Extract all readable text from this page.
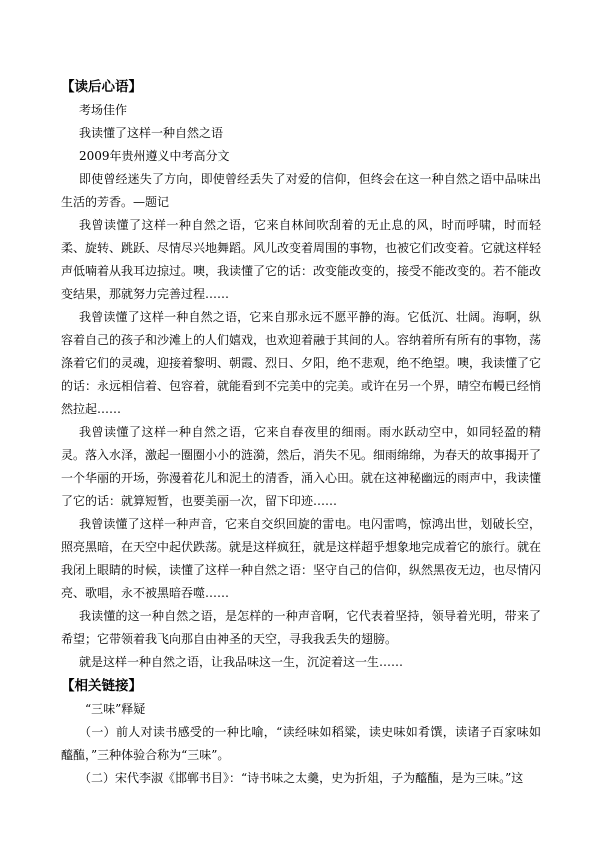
【读后心语】
考场佳作
我读懂了这样一种自然之语
2009年贵州遵义中考高分文

即使曾经迷失了方向，即使曾经丢失了对爱的信仰，但终会在这一种自然之语中品味出生活的芳香。—题记

我曾读懂了这样一种自然之语，它来自林间吹刮着的无止息的风，时而呼啸，时而轻柔、旋转、跳跃、尽情尽兴地舞蹈。风儿改变着周围的事物，也被它们改变着。它就这样轻声低喃着从我耳边掠过。噢，我读懂了它的话：改变能改变的，接受不能改变的。若不能改变结果，那就努力完善过程……

我曾读懂了这样一种自然之语，它来自那永远不愿平静的海。它低沉、壮阔。海啊，纵容着自己的孩子和沙滩上的人们嬉戏，也欢迎着融于其间的人。容纳着所有所有的事物，荡涤着它们的灵魂，迎接着黎明、朝霞、烈日、夕阳，绝不悲观，绝不绝望。噢，我读懂了它的话：永远相信着、包容着，就能看到不完美中的完美。或许在另一个界，晴空布幔已经悄然拉起……

我曾读懂了这样一种自然之语，它来自春夜里的细雨。雨水跃动空中，如同轻盈的精灵。落入水泽，激起一圈圈小小的涟漪，然后，消失不见。细雨绵绵，为春天的故事揭开了一个华丽的开场，弥漫着花儿和泥土的清香，涌入心田。就在这神秘幽远的雨声中，我读懂了它的话：就算短暂，也要美丽一次，留下印迹……

我曾读懂了这样一种声音，它来自交织回旋的雷电。电闪雷鸣，惊鸿出世，划破长空，照亮黑暗，在天空中起伏跌荡。就是这样疯狂，就是这样超乎想象地完成着它的旅行。就在我闭上眼睛的时候，读懂了这样一种自然之语：坚守自己的信仰，纵然黑夜无边，也尽情闪亮、歌唱，永不被黑暗吞噬……

我读懂的这一种自然之语，是怎样的一种声音啊，它代表着坚持，领导着光明，带来了希望；它带领着我飞向那自由神圣的天空，寻我我丢失的翅膀。

就是这样一种自然之语，让我品味这一生，沉淀着这一生……

【相关链接】
“三味”释疑

（一）前人对读书感受的一种比喻，“读经味如稻粱，读史味如肴馔，读诸子百家味如醯醢，”三种体验合称为“三味”。

（二）宋代李淑《邯郸书目》：“诗书味之太羹，史为折俎，子为醯醢，是为三味。”这
